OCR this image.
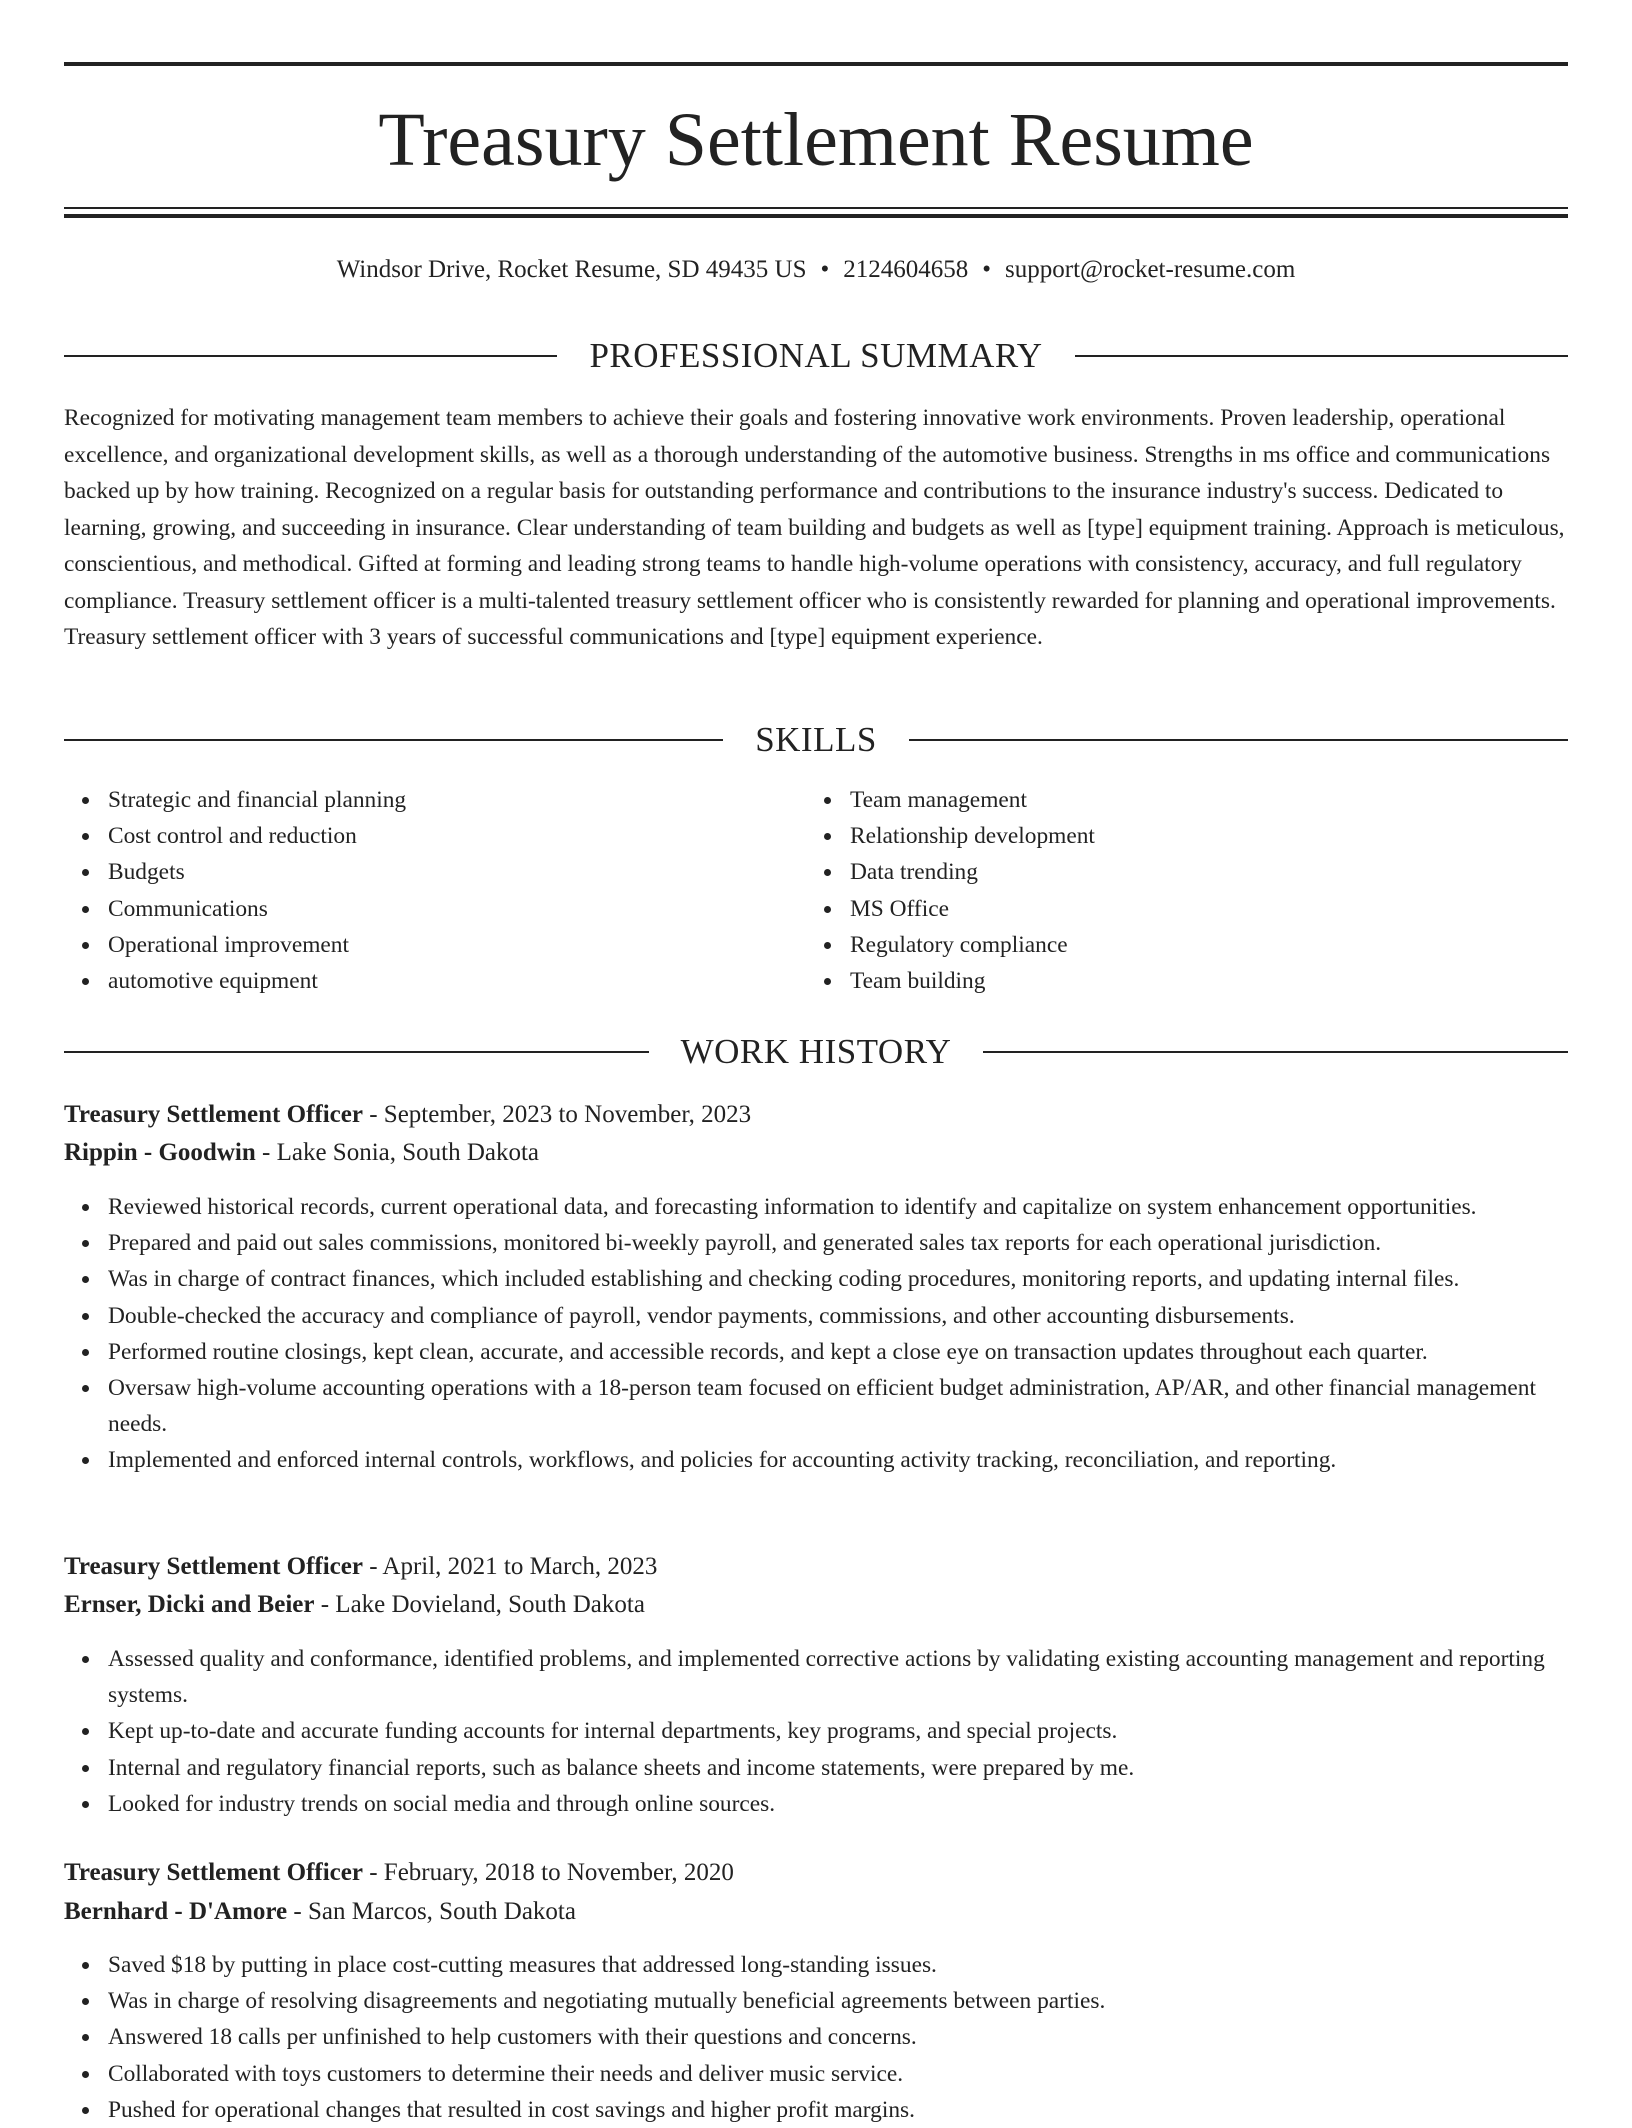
Treasury Settlement Resume
Windsor Drive, Rocket Resume, SD 49435 US • 2124604658 • support@rocket-resume.com
PROFESSIONAL SUMMARY

Recognized for motivating management team members to achieve their goals and fostering innovative work environments. Proven leadership, operational excellence, and organizational development skills, as well as a thorough understanding of the automotive business. Strengths in ms office and communications backed up by how training. Recognized on a regular basis for outstanding performance and contributions to the insurance industry's success. Dedicated to learning, growing, and succeeding in insurance. Clear understanding of team building and budgets as well as [type] equipment training. Approach is meticulous, conscientious, and methodical. Gifted at forming and leading strong teams to handle high-volume operations with consistency, accuracy, and full regulatory compliance. Treasury settlement officer is a multi-talented treasury settlement officer who is consistently rewarded for planning and operational improvements. Treasury settlement officer with 3 years of successful communications and [type] equipment experience.

SKILLS
Strategic and financial planning
Cost control and reduction
Budgets
Communications
Operational improvement
automotive equipment
Team management
Relationship development
Data trending
MS Office
Regulatory compliance
Team building
WORK HISTORY
Treasury Settlement Officer - September, 2023 to November, 2023
Rippin - Goodwin - Lake Sonia, South Dakota
Reviewed historical records, current operational data, and forecasting information to identify and capitalize on system enhancement opportunities.
Prepared and paid out sales commissions, monitored bi-weekly payroll, and generated sales tax reports for each operational jurisdiction.
Was in charge of contract finances, which included establishing and checking coding procedures, monitoring reports, and updating internal files.
Double-checked the accuracy and compliance of payroll, vendor payments, commissions, and other accounting disbursements.
Performed routine closings, kept clean, accurate, and accessible records, and kept a close eye on transaction updates throughout each quarter.
Oversaw high-volume accounting operations with a 18-person team focused on efficient budget administration, AP/AR, and other financial management needs.
Implemented and enforced internal controls, workflows, and policies for accounting activity tracking, reconciliation, and reporting.
Treasury Settlement Officer - April, 2021 to March, 2023
Ernser, Dicki and Beier - Lake Dovieland, South Dakota
Assessed quality and conformance, identified problems, and implemented corrective actions by validating existing accounting management and reporting systems.
Kept up-to-date and accurate funding accounts for internal departments, key programs, and special projects.
Internal and regulatory financial reports, such as balance sheets and income statements, were prepared by me.
Looked for industry trends on social media and through online sources.
Treasury Settlement Officer - February, 2018 to November, 2020
Bernhard - D'Amore - San Marcos, South Dakota
Saved $18 by putting in place cost-cutting measures that addressed long-standing issues.
Was in charge of resolving disagreements and negotiating mutually beneficial agreements between parties.
Answered 18 calls per unfinished to help customers with their questions and concerns.
Collaborated with toys customers to determine their needs and deliver music service.
Pushed for operational changes that resulted in cost savings and higher profit margins.
